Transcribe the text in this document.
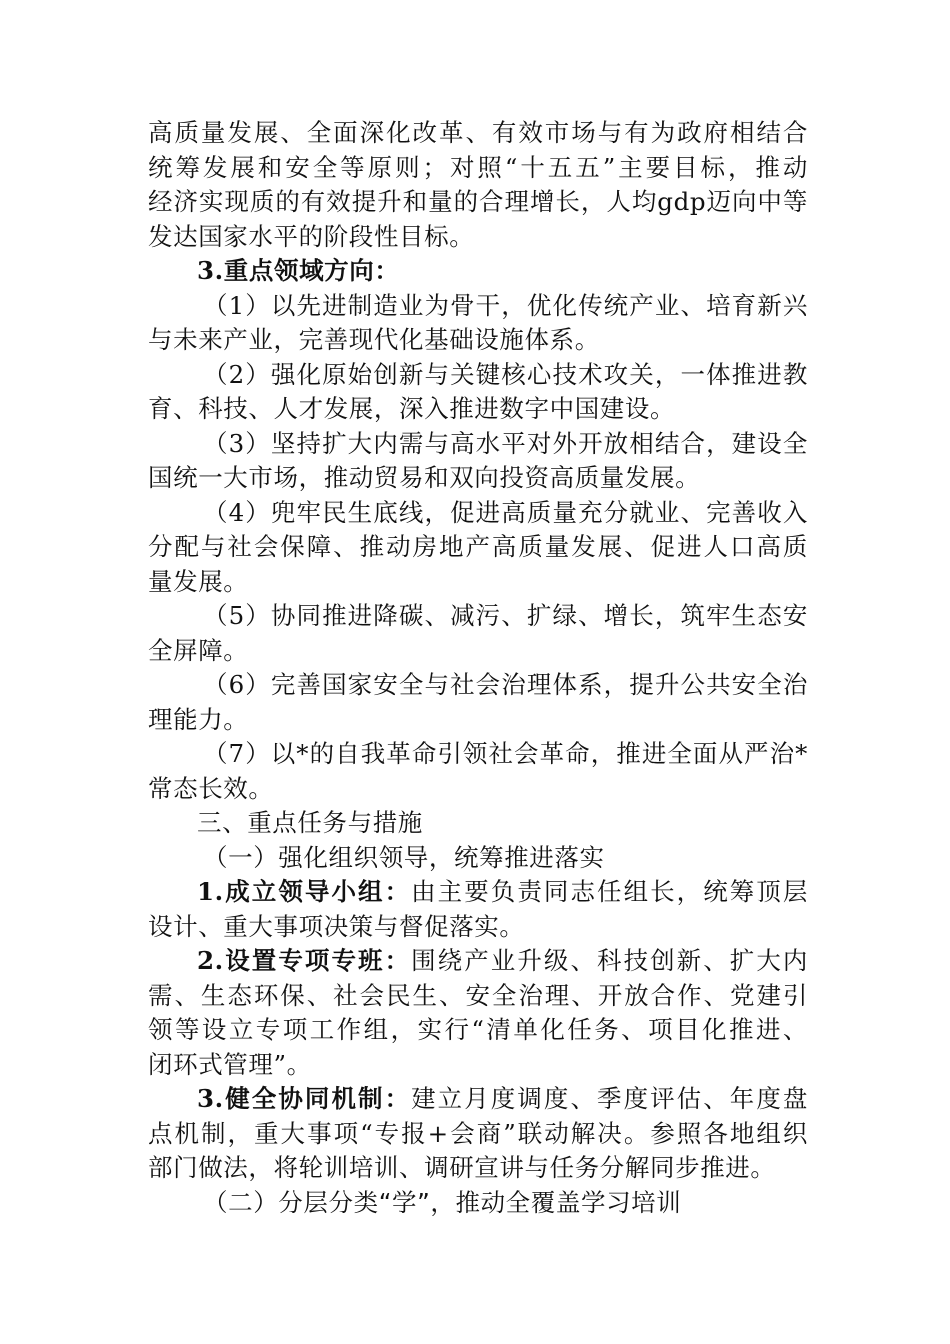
高质量发展、全面深化改革、有效市场与有为政府相结合
统筹发展和安全等原则；对照“十五五”主要目标，推动
经济实现质的有效提升和量的合理增长，人均gdp迈向中等
发达国家水平的阶段性目标。
3.重点领域方向：
（1）以先进制造业为骨干，优化传统产业、培育新兴
与未来产业，完善现代化基础设施体系。
（2）强化原始创新与关键核心技术攻关，一体推进教
育、科技、人才发展，深入推进数字中国建设。
（3）坚持扩大内需与高水平对外开放相结合，建设全
国统一大市场，推动贸易和双向投资高质量发展。
（4）兜牢民生底线，促进高质量充分就业、完善收入
分配与社会保障、推动房地产高质量发展、促进人口高质
量发展。
（5）协同推进降碳、减污、扩绿、增长，筑牢生态安
全屏障。
（6）完善国家安全与社会治理体系，提升公共安全治
理能力。
（7）以*的自我革命引领社会革命，推进全面从严治*
常态长效。
三、重点任务与措施
（一）强化组织领导，统筹推进落实
1.成立领导小组：由主要负责同志任组长，统筹顶层
设计、重大事项决策与督促落实。
2.设置专项专班：围绕产业升级、科技创新、扩大内
需、生态环保、社会民生、安全治理、开放合作、党建引
领等设立专项工作组，实行“清单化任务、项目化推进、
闭环式管理”。
3.健全协同机制：建立月度调度、季度评估、年度盘
点机制，重大事项“专报+会商”联动解决。参照各地组织
部门做法，将轮训培训、调研宣讲与任务分解同步推进。
（二）分层分类“学”，推动全覆盖学习培训
